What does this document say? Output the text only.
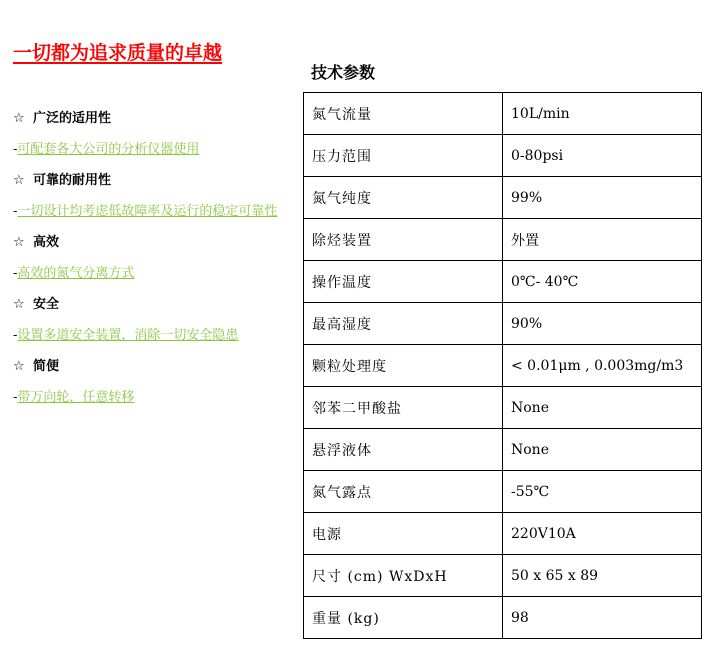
一切都为追求质量的卓越
☆ 广泛的适用性
-可配套各大公司的分析仪器使用
☆ 可靠的耐用性
-一切设计均考虑低故障率及运行的稳定可靠性
☆ 高效
-高效的氮气分离方式
☆ 安全
-设置多道安全装置，消除一切安全隐患
☆ 简便
-带万向轮，任意转移
技术参数
氮气流量	10L/min
压力范围	0-80psi
氮气纯度	99%
除烃装置	外置
操作温度	0℃- 40℃
最高湿度	90%
颗粒处理度	< 0.01μm , 0.003mg/m3
邻苯二甲酸盐	None
悬浮液体	None
氮气露点	-55℃
电源	220V10A
尺寸 (cm) WxDxH	50 x 65 x 89
重量 (kg)	98
